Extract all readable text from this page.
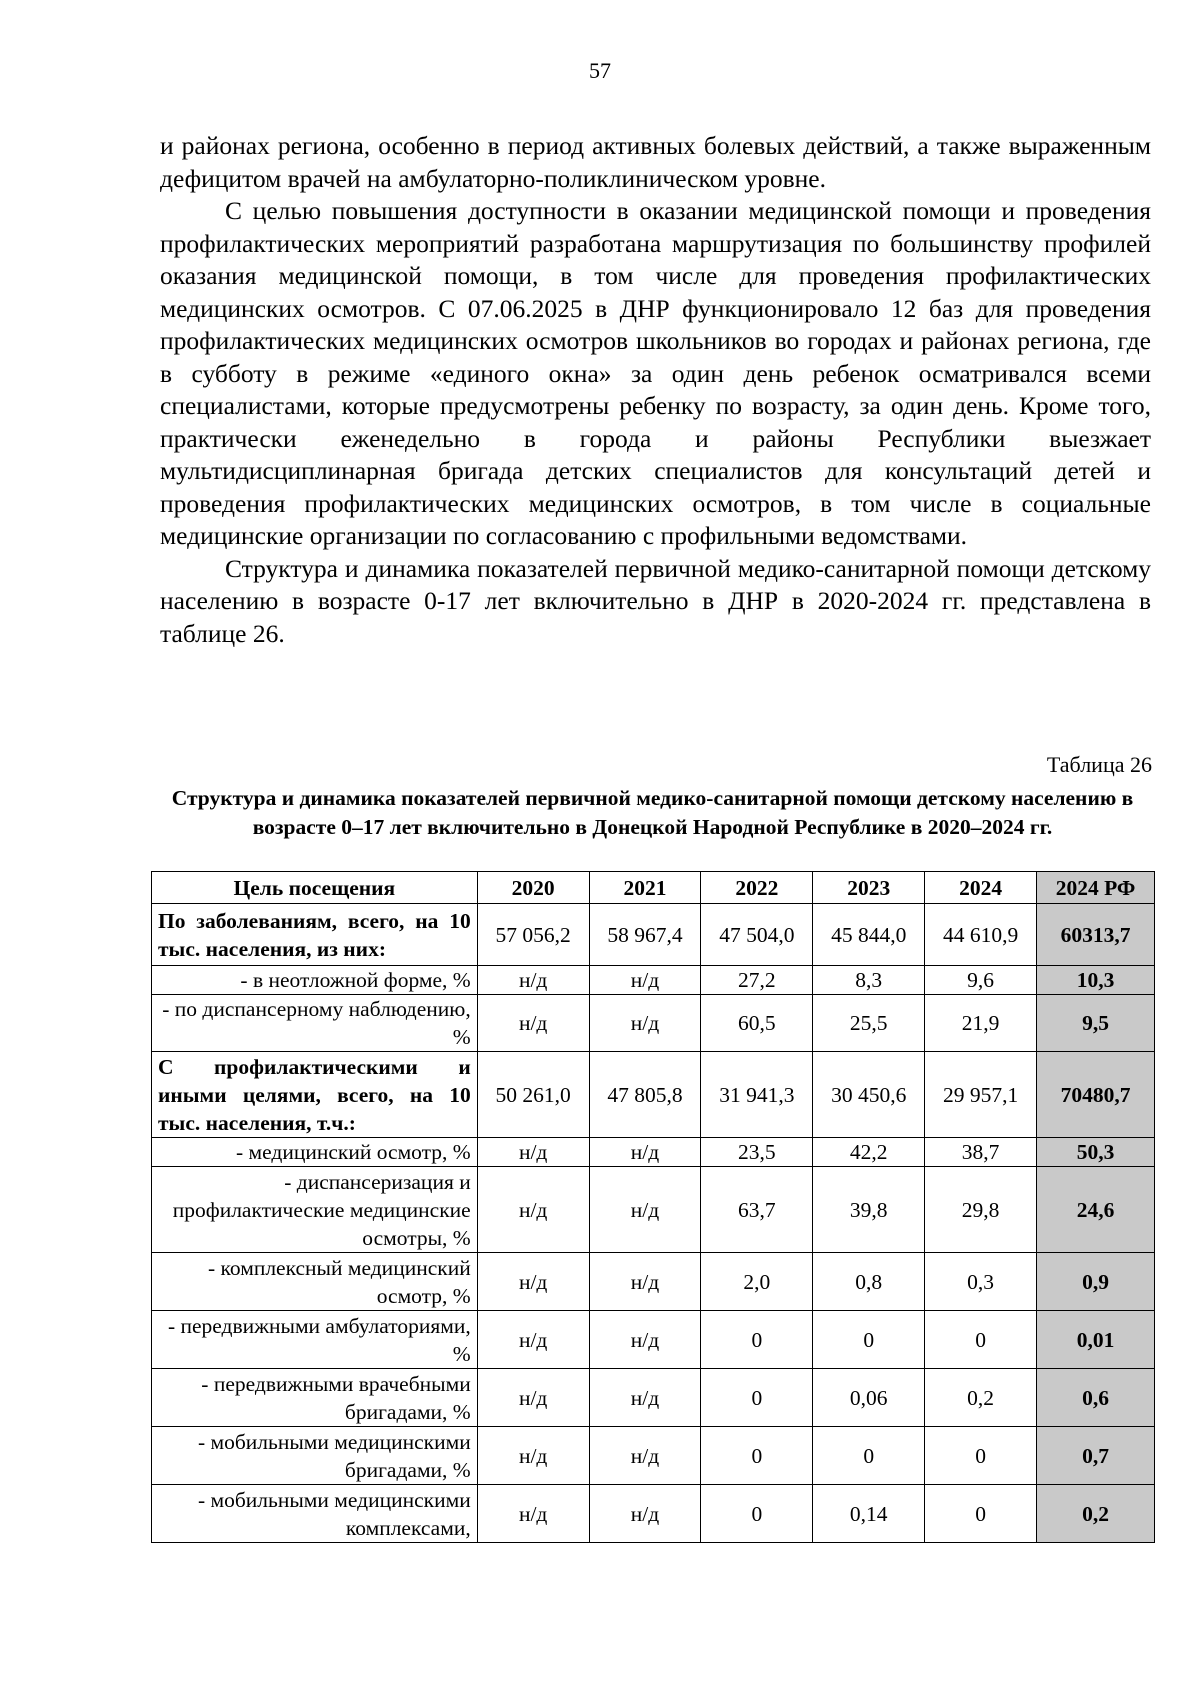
57

и районах региона, особенно в период активных болевых действий, а также выраженным дефицитом врачей на амбулаторно-поликлиническом уровне.

С целью повышения доступности в оказании медицинской помощи и проведения профилактических мероприятий разработана маршрутизация по большинству профилей оказания медицинской помощи, в том числе для проведения профилактических медицинских осмотров. С 07.06.2025 в ДНР функционировало 12 баз для проведения профилактических медицинских осмотров школьников во городах и районах региона, где в субботу в режиме «единого окна» за один день ребенок осматривался всеми специалистами, которые предусмотрены ребенку по возрасту, за один день. Кроме того, практически еженедельно в города и районы Республики выезжает мультидисциплинарная бригада детских специалистов для консультаций детей и проведения профилактических медицинских осмотров, в том числе в социальные медицинские организации по согласованию с профильными ведомствами.

Структура и динамика показателей первичной медико-санитарной помощи детскому населению в возрасте 0-17 лет включительно в ДНР в 2020-2024 гг. представлена в таблице 26.

Таблица 26
Структура и динамика показателей первичной медико-санитарной помощи детскому населению в возрасте 0–17 лет включительно в Донецкой Народной Республике в 2020–2024 гг.
Цель посещения	2020	2021	2022	2023	2024	2024 РФ
По заболеваниям, всего, на 10 тыс. населения, из них:	57 056,2	58 967,4	47 504,0	45 844,0	44 610,9	60313,7
- в неотложной форме, %	н/д	н/д	27,2	8,3	9,6	10,3
- по диспансерному наблюдению, %	н/д	н/д	60,5	25,5	21,9	9,5
С профилактическими и иными целями, всего, на 10 тыс. населения, т.ч.:	50 261,0	47 805,8	31 941,3	30 450,6	29 957,1	70480,7
- медицинский осмотр, %	н/д	н/д	23,5	42,2	38,7	50,3
- диспансеризация и профилактические медицинские осмотры, %	н/д	н/д	63,7	39,8	29,8	24,6
- комплексный медицинский осмотр, %	н/д	н/д	2,0	0,8	0,3	0,9
- передвижными амбулаториями, %	н/д	н/д	0	0	0	0,01
- передвижными врачебными бригадами, %	н/д	н/д	0	0,06	0,2	0,6
- мобильными медицинскими бригадами, %	н/д	н/д	0	0	0	0,7
- мобильными медицинскими комплексами,	н/д	н/д	0	0,14	0	0,2
